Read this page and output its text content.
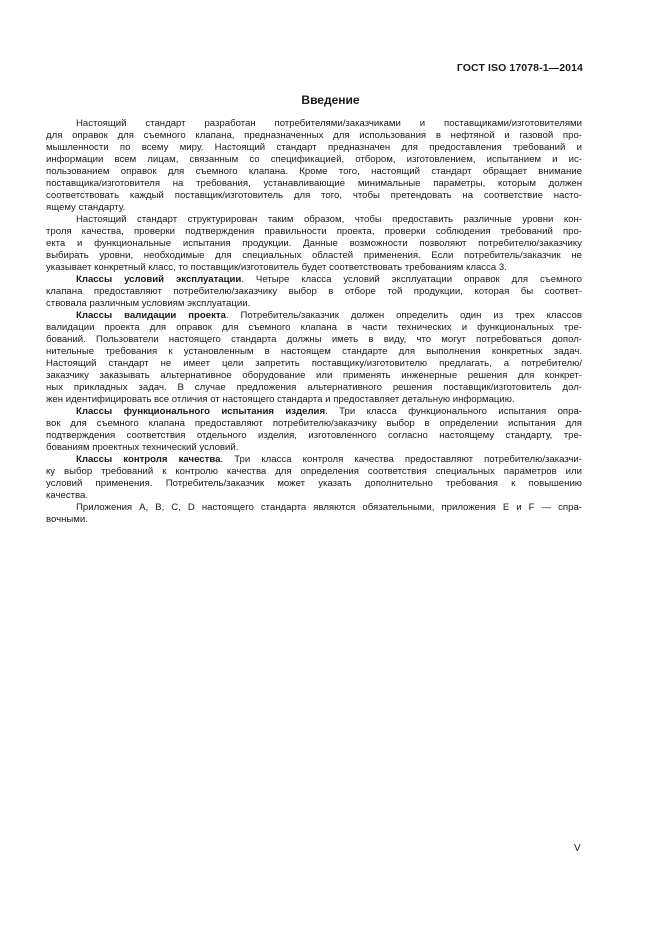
ГОСТ ISO 17078-1—2014
Введение
Настоящий стандарт разработан потребителями/заказчиками и поставщиками/изготовителями
для оправок для съемного клапана, предназначенных для использования в нефтяной и газовой про-
мышленности по всему миру. Настоящий стандарт предназначен для предоставления требований и
информации всем лицам, связанным со спецификацией, отбором, изготовлением, испытанием и ис-
пользованием оправок для съемного клапана. Кроме того, настоящий стандарт обращает внимание
поставщика/изготовителя на требования, устанавливающие минимальные параметры, которым должен
соответствовать каждый поставщик/изготовитель для того, чтобы претендовать на соответствие насто-
ящему стандарту.
Настоящий стандарт структурирован таким образом, чтобы предоставить различные уровни кон-
троля качества, проверки подтверждения правильности проекта, проверки соблюдения требований про-
екта и функциональные испытания продукции. Данные возможности позволяют потребителю/заказчику
выбирать уровни, необходимые для специальных областей применения. Если потребитель/заказчик не
указывает конкретный класс, то поставщик/изготовитель будет соответствовать требованиям класса 3.
Классы условий эксплуатации. Четыре класса условий эксплуатации оправок для съемного
клапана предоставляют потребителю/заказчику выбор в отборе той продукции, которая бы соответ-
ствовала различным условиям эксплуатации.
Классы валидации проекта. Потребитель/заказчик должен определить один из трех классов
валидации проекта для оправок для съемного клапана в части технических и функциональных тре-
бований. Пользователи настоящего стандарта должны иметь в виду, что могут потребоваться допол-
нительные требования к установленным в настоящем стандарте для выполнения конкретных задач.
Настоящий стандарт не имеет цели запретить поставщику/изготовителю предлагать, а потребителю/
заказчику заказывать альтернативное оборудование или применять инженерные решения для конкрет-
ных прикладных задач. В случае предложения альтернативного решения поставщик/изготовитель дол-
жен идентифицировать все отличия от настоящего стандарта и предоставляет детальную информацию.
Классы функционального испытания изделия. Три класса функционального испытания опра-
вок для съемного клапана предоставляют потребителю/заказчику выбор в определении испытания для
подтверждения соответствия отдельного изделия, изготовленного согласно настоящему стандарту, тре-
бованиям проектных технический условий.
Классы контроля качества. Три класса контроля качества предоставляют потребителю/заказчи-
ку выбор требований к контролю качества для определения соответствия специальных параметров или
условий применения. Потребитель/заказчик может указать дополнительно требования к повышению
качества.
Приложения А, В, С, D настоящего стандарта являются обязательными, приложения Е и F — спра-
вочными.
V
